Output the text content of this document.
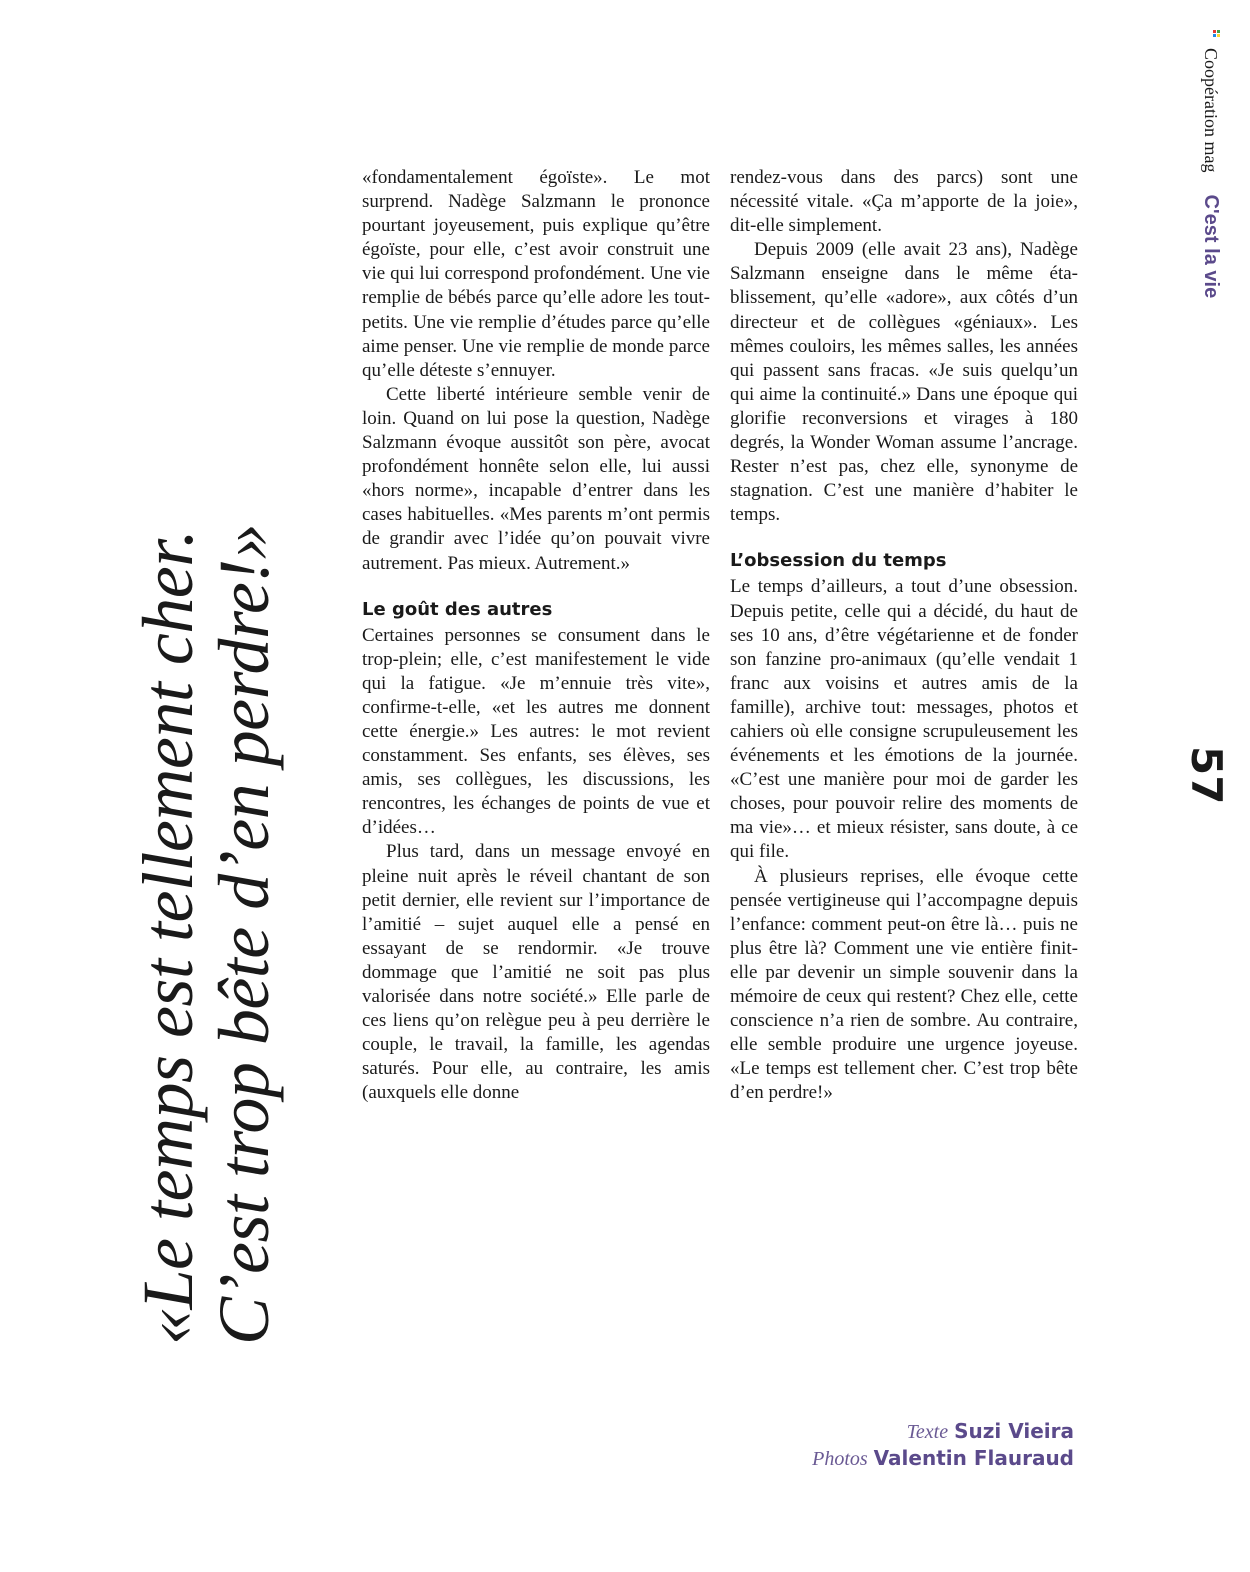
Coopération magC'est la vie
57
«Le temps est tellement cher.
C’est trop bête d’en perdre!»

«fondamentalement égoïste». Le mot surprend. Nadège Salzmann le prononce pourtant joyeusement, puis explique qu’être égoïste, pour elle, c’est avoir construit une vie qui lui correspond profondément. Une vie remplie de bébés parce qu’elle adore les tout-petits. Une vie remplie d’études parce qu’elle aime penser. Une vie remplie de monde parce qu’elle déteste s’ennuyer.

Cette liberté intérieure semble venir de loin. Quand on lui pose la question, Nadège Salzmann évoque aussitôt son père, avocat profondément honnête selon elle, lui aussi «hors norme», incapable d’entrer dans les cases habituelles. «Mes parents m’ont permis de grandir avec l’idée qu’on pouvait vivre autrement. Pas mieux. Autrement.»

Le goût des autres

Certaines personnes se consument dans le trop-plein; elle, c’est manifestement le vide qui la fatigue. «Je m’ennuie très vite», confirme-t-elle, «et les autres me donnent cette énergie.» Les autres: le mot revient constamment. Ses enfants, ses élèves, ses amis, ses collègues, les discussions, les rencontres, les échanges de points de vue et d’idées…

Plus tard, dans un message envoyé en pleine nuit après le réveil chantant de son petit dernier, elle revient sur l’importance de l’amitié – sujet auquel elle a pensé en essayant de se rendormir. «Je trouve dommage que l’amitié ne soit pas plus valorisée dans notre société.» Elle parle de ces liens qu’on relègue peu à peu derrière le couple, le travail, la famille, les agendas saturés. Pour elle, au contraire, les amis (auxquels elle donne

rendez-vous dans des parcs) sont une nécessité vitale. «Ça m’apporte de la joie», dit-elle simplement.

Depuis 2009 (elle avait 23 ans), Nadège Salzmann enseigne dans le même établissement, qu’elle «adore», aux côtés d’un directeur et de collègues «géniaux». Les mêmes couloirs, les mêmes salles, les années qui passent sans fracas. «Je suis quelqu’un qui aime la continuité.» Dans une époque qui glorifie reconversions et virages à 180 degrés, la Wonder Woman assume l’ancrage. Rester n’est pas, chez elle, synonyme de stagnation. C’est une manière d’habiter le temps.

L’obsession du temps

Le temps d’ailleurs, a tout d’une obsession. Depuis petite, celle qui a décidé, du haut de ses 10 ans, d’être végétarienne et de fonder son fanzine pro-animaux (qu’elle vendait 1 franc aux voisins et autres amis de la famille), archive tout: messages, photos et cahiers où elle consigne scrupuleusement les événements et les émotions de la journée. «C’est une manière pour moi de garder les choses, pour pouvoir relire des moments de ma vie»… et mieux résister, sans doute, à ce qui file.

À plusieurs reprises, elle évoque cette pensée vertigineuse qui l’accompagne depuis l’enfance: comment peut-on être là… puis ne plus être là? Comment une vie entière finit-elle par devenir un simple souvenir dans la mémoire de ceux qui restent? Chez elle, cette conscience n’a rien de sombre. Au contraire, elle semble produire une urgence joyeuse. «Le temps est tellement cher. C’est trop bête d’en perdre!»

Texte Suzi Vieira
Photos Valentin Flauraud
